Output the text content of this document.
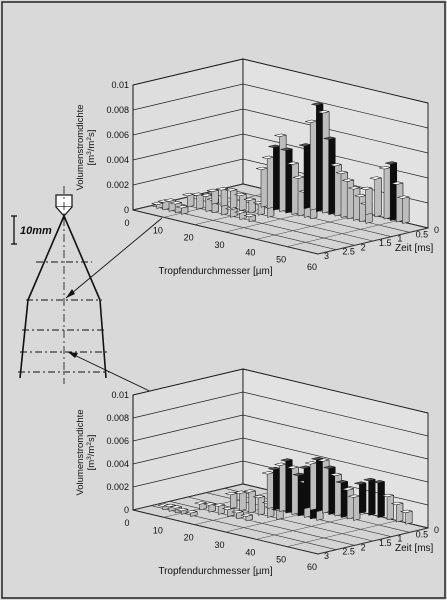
10mm
0
0.002
0.004
0.006
0.008
0.01
0
10
20
30
40
50
60
0
0.5
1
1.5
2
2.5
3
Tropfendurchmesser [µm]
Zeit [ms]
Volumenstromdichte $[m^3/m^2s]$
0
0.002
0.004
0.006
0.008
0.01
0
10
20
30
40
50
60
0
0.5
1
1.5
2
2.5
3
Tropfendurchmesser [µm]
Zeit [ms]
Volumenstromdichte $[m^3/m^2s]$
